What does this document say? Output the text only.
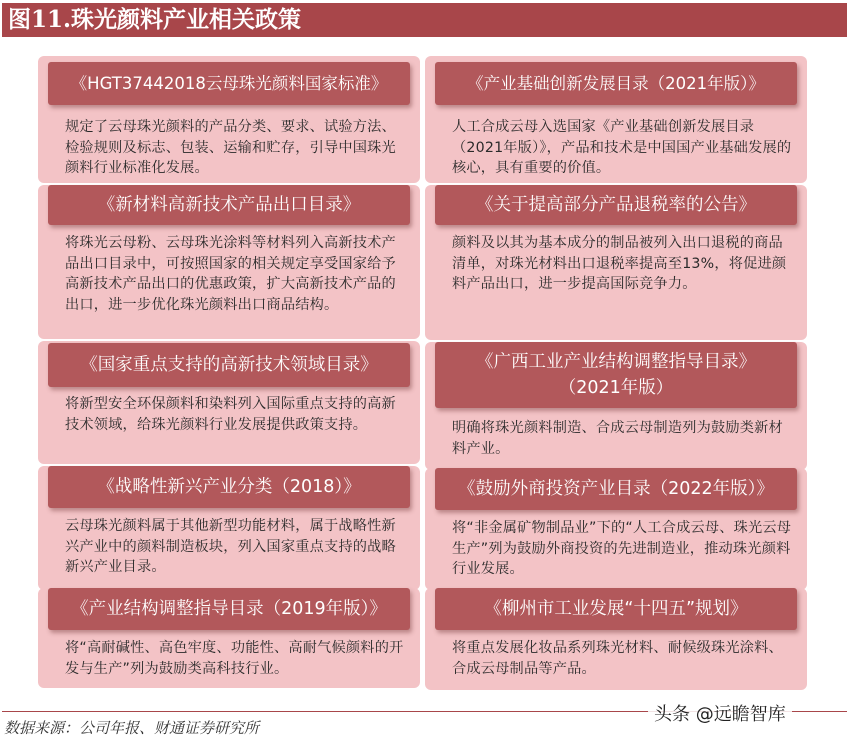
图11.珠光颜料产业相关政策
《HGT37442018云母珠光颜料国家标准》
规定了云母珠光颜料的产品分类、要求、试验方法、检验规则及标志、包装、运输和贮存，引导中国珠光颜料行业标准化发展。
《新材料高新技术产品出口目录》
将珠光云母粉、云母珠光涂料等材料列入高新技术产品出口目录中，可按照国家的相关规定享受国家给予高新技术产品出口的优惠政策，扩大高新技术产品的出口，进一步优化珠光颜料出口商品结构。
《国家重点支持的高新技术领域目录》
将新型安全环保颜料和染料列入国际重点支持的高新技术领域，给珠光颜料行业发展提供政策支持。
《战略性新兴产业分类（2018）》
云母珠光颜料属于其他新型功能材料，属于战略性新兴产业中的颜料制造板块，列入国家重点支持的战略新兴产业目录。
《产业结构调整指导目录（2019年版）》
将“高耐碱性、高色牢度、功能性、高耐气候颜料的开发与生产”列为鼓励类高科技行业。
《产业基础创新发展目录（2021年版）》
人工合成云母入选国家《产业基础创新发展目录（2021年版）》，产品和技术是中国国产业基础发展的核心，具有重要的价值。
《关于提高部分产品退税率的公告》
颜料及以其为基本成分的制品被列入出口退税的商品清单，对珠光材料出口退税率提高至13%，将促进颜料产品出口，进一步提高国际竞争力。
《广西工业产业结构调整指导目录》（2021年版）
明确将珠光颜料制造、合成云母制造列为鼓励类新材料产业。
《鼓励外商投资产业目录（2022年版）》
将“非金属矿物制品业”下的“人工合成云母、珠光云母生产”列为鼓励外商投资的先进制造业，推动珠光颜料行业发展。
《柳州市工业发展“十四五”规划》
将重点发展化妆品系列珠光材料、耐候级珠光涂料、合成云母制品等产品。
数据来源：公司年报、财通证券研究所
头条 @远瞻智库
